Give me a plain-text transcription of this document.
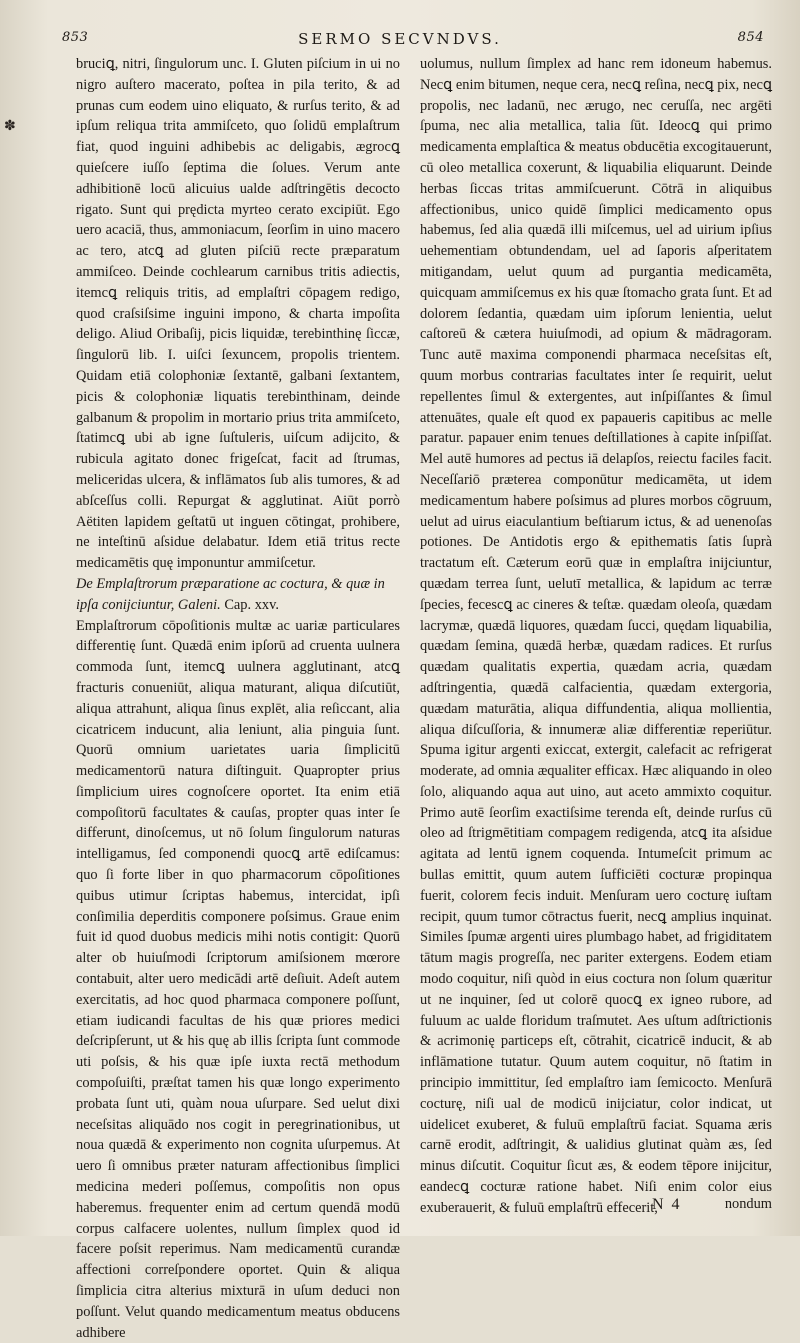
853	SERMO SECVNDVS.	854
✽

bruciꝗ, nitri, ſingulorum unc. I. Gluten piſcium in ui no nigro auſtero macerato, poſtea in pila terito, & ad prunas cum eodem uino eliquato, & rurſus terito, & ad ipſum reliqua trita ammiſceto, quo ſolidū emplaſtrum fiat, quod inguini adhibebis ac deligabis, ægrocꝗ quieſcere iuſſo ſeptima die ſolues. Verum ante adhibitionē locū alicuius ualde adſtringētis decocto rigato. Sunt qui prędicta myrteo cerato excipiūt. Ego uero acaciā, thus, ammoniacum, ſeorſim in uino macero ac tero, atcꝗ ad gluten piſciū recte præparatum ammiſceo. Deinde cochlearum carnibus tritis adiectis, itemcꝗ reliquis tritis, ad emplaſtri cōpagem redigo, quod craſsiſsime inguini impono, & charta impoſita deligo. Aliud Oribaſij, picis liquidæ, terebinthinę ſiccæ, ſingulorū lib. I. uiſci ſexuncem, propolis trientem. Quidam etiā colophoniæ ſextantē, galbani ſextantem, picis & colophoniæ liquatis terebinthinam, deinde galbanum & propolim in mortario prius trita ammiſceto, ſtatimcꝗ ubi ab igne ſuſtuleris, uiſcum adijcito, & rubicula agitato donec frigeſcat, facit ad ſtrumas, meliceridas ulcera, & inflāmatos ſub alis tumores, & ad abſceſſus colli. Repurgat & agglutinat. Aiūt porrò Aëtiten lapidem geſtatū ut inguen cōtingat, prohibere, ne inteſtinū aſsidue delabatur. Idem etiā tritus recte medicamētis quę imponuntur ammiſcetur.

De Emplaſtrorum præparatione ac coctura, & quæ in ipſa conijciuntur, Galeni. Cap. xxv.

Emplaſtrorum cōpoſitionis multæ ac uariæ particulares differentię ſunt. Quædā enim ipſorū ad cruenta uulnera commoda ſunt, itemcꝗ uulnera agglutinant, atcꝗ fracturis conueniūt, aliqua maturant, aliqua diſcutiūt, aliqua attrahunt, aliqua ſinus explēt, alia reſiccant, alia cicatricem inducunt, alia leniunt, alia pinguia ſunt. Quorū omnium uarietates uaria ſimplicitū medicamentorū natura diſtinguit. Quapropter prius ſimplicium uires cognoſcere oportet. Ita enim etiā compoſitorū facultates & cauſas, propter quas inter ſe differunt, dinoſcemus, ut nō ſolum ſingulorum naturas intelligamus, ſed componendi quocꝗ artē ediſcamus: quo ſi forte liber in quo pharmacorum cōpoſitiones quibus utimur ſcriptas habemus, intercidat, ipſi conſimilia deperditis componere poſsimus. Graue enim fuit id quod duobus medicis mihi notis contigit: Quorū alter ob huiuſmodi ſcriptorum amiſsionem mœrore contabuit, alter uero medicādi artē deſiuit. Adeſt autem exercitatis, ad hoc quod pharmaca componere poſſunt, etiam iudicandi facultas de his quæ priores medici deſcripſerunt, ut & his quę ab illis ſcripta ſunt commode uti poſsis, & his quæ ipſe iuxta rectā methodum compoſuiſti, præſtat tamen his quæ longo experimento probata ſunt uti, quàm noua uſurpare. Sed uelut dixi neceſsitas aliquādo nos cogit in peregrinationibus, ut noua quædā & experimento non cognita uſurpemus. At uero ſi omnibus præter naturam affectionibus ſimplici medicina mederi poſſemus, compoſitis non opus haberemus. frequenter enim ad certum quendā modū corpus calfacere uolentes, nullum ſimplex quod id facere poſsit reperimus. Nam medicamentū curandæ affectioni correſpondere oportet. Quin & aliqua ſimplicia citra alterius mixturā in uſum deduci non poſſunt. Velut quando medicamentum meatus obducens adhibere

uolumus, nullum ſimplex ad hanc rem idoneum habemus. Necꝗ enim bitumen, neque cera, necꝗ reſina, necꝗ pix, necꝗ propolis, nec ladanū, nec ærugo, nec ceruſſa, nec argēti ſpuma, nec alia metallica, talia ſūt. Ideocꝗ qui primo medicamenta emplaſtica & meatus obducētia excogitauerunt, cū oleo metallica coxerunt, & liquabilia eliquarunt. Deinde herbas ſiccas tritas ammiſcuerunt. Cōtrā in aliquibus affectionibus, unico quidē ſimplici medicamento opus habemus, ſed alia quædā illi miſcemus, uel ad uirium ipſius uehementiam obtundendam, uel ad ſaporis aſperitatem mitigandam, uelut quum ad purgantia medicamēta, quicquam ammiſcemus ex his quæ ſtomacho grata ſunt. Et ad dolorem ſedantia, quædam uim ipſorum lenientia, uelut caſtoreū & cætera huiuſmodi, ad opium & mādragoram. Tunc autē maxima componendi pharmaca neceſsitas eſt, quum morbus contrarias facultates inter ſe requirit, uelut repellentes ſimul & extergentes, aut inſpiſſantes & ſimul attenuātes, quale eſt quod ex papaueris capitibus ac melle paratur. papauer enim tenues deſtillationes à capite inſpiſſat. Mel autē humores ad pectus iā delapſos, reiectu faciles facit. Neceſſariō præterea componūtur medicamēta, ut idem medicamentum habere poſsimus ad plures morbos cōgruum, uelut ad uirus eiaculantium beſtiarum ictus, & ad uenenoſas potiones. De Antidotis ergo & epithematis ſatis ſuprà tractatum eſt. Cæterum eorū quæ in emplaſtra inijciuntur, quædam terrea ſunt, uelutī metallica, & lapidum ac terræ ſpecies, fecescꝗ ac cineres & teſtæ. quædam oleoſa, quædam lacrymæ, quædā liquores, quædam ſucci, quędam liquabilia, quædam ſemina, quædā herbæ, quædam radices. Et rurſus quædam qualitatis expertia, quædam acria, quædam adſtringentia, quædā calfacientia, quædam extergoria, quædam maturātia, aliqua diffundentia, aliqua mollientia, aliqua diſcuſſoria, & innumeræ aliæ differentiæ reperiūtur. Spuma igitur argenti exiccat, extergit, calefacit ac refrigerat moderate, ad omnia æqualiter efficax. Hæc aliquando in oleo ſolo, aliquando aqua aut uino, aut aceto ammixto coquitur. Primo autē ſeorſim exactiſsime terenda eſt, deinde rurſus cū oleo ad ſtrigmētitiam compagem redigenda, atcꝗ ita aſsidue agitata ad lentū ignem coquenda. Intumeſcit primum ac bullas emittit, quum autem ſufficiēti cocturæ propinqua fuerit, colorem fecis induit. Menſuram uero cocturę iuſtam recipit, quum tumor cōtractus fuerit, necꝗ amplius inquinat. Similes ſpumæ argenti uires plumbago habet, ad frigiditatem tātum magis progreſſa, nec pariter extergens. Eodem etiam modo coquitur, niſi quòd in eius coctura non ſolum quæritur ut ne inquiner, ſed ut colorē quocꝗ ex igneo rubore, ad fuluum ac ualde floridum traſmutet. Aes uſtum adſtrictionis & acrimonię particeps eſt, cōtrahit, cicatricē inducit, & ab inflāmatione tutatur. Quum autem coquitur, nō ſtatim in principio immittitur, ſed emplaſtro iam ſemicocto. Menſurā cocturę, niſi ual de modicū inijciatur, color indicat, ut uidelicet exuberet, & fuluū emplaſtrū faciat. Squama æris carnē erodit, adſtringit, & ualidius glutinat quàm æs, ſed minus diſcutit. Coquitur ſicut æs, & eodem tēpore inijcitur, eandecꝗ cocturæ ratione habet. Niſi enim color eius exuberauerit, & fuluū emplaſtrū effecerit,

N 4	nondum
